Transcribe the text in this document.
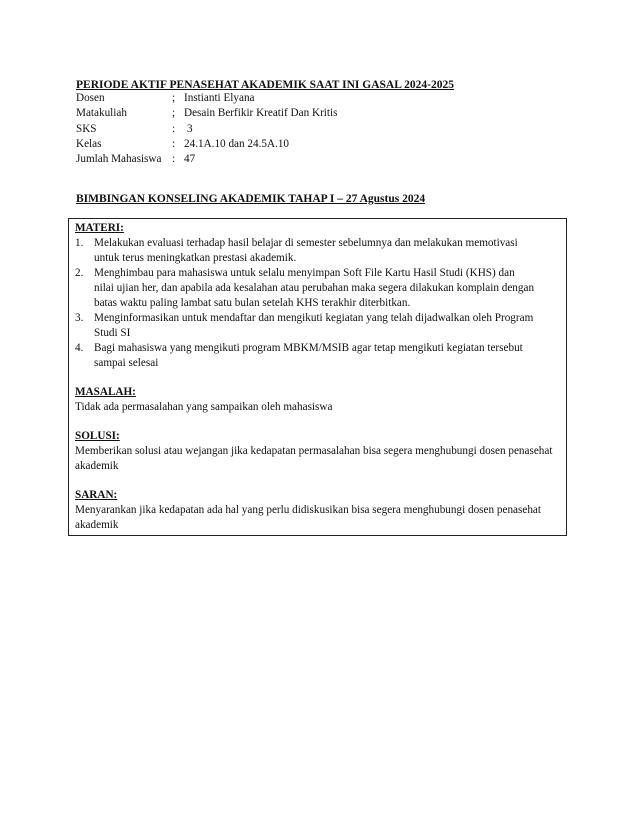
PERIODE AKTIF PENASEHAT AKADEMIK SAAT INI GASAL 2024-2025
Dosen	; Instianti Elyana
Matakuliah	; Desain Berfikir Kreatif Dan Kritis
SKS	:	3
Kelas	: 24.1A.10 dan 24.5A.10
Jumlah Mahasiswa : 47
BIMBINGAN KONSELING AKADEMIK TAHAP I – 27 Agustus 2024

MATERI:

1. Melakukan evaluasi terhadap hasil belajar di semester sebelumnya dan melakukan memotivasi untuk terus meningkatkan prestasi akademik.
2. Menghimbau para mahasiswa untuk selalu menyimpan Soft File Kartu Hasil Studi (KHS) dan nilai ujian her, dan apabila ada kesalahan atau perubahan maka segera dilakukan komplain dengan batas waktu paling lambat satu bulan setelah KHS terakhir diterbitkan.
3. Menginformasikan untuk mendaftar dan mengikuti kegiatan yang telah dijadwalkan oleh Program Studi SI
4. Bagi mahasiswa yang mengikuti program MBKM/MSIB agar tetap mengikuti kegiatan tersebut sampai selesai

MASALAH:

Tidak ada permasalahan yang sampaikan oleh mahasiswa

SOLUSI:

Memberikan solusi atau wejangan jika kedapatan permasalahan bisa segera menghubungi dosen penasehat akademik

SARAN:

Menyarankan jika kedapatan ada hal yang perlu didiskusikan bisa segera menghubungi dosen penasehat akademik
